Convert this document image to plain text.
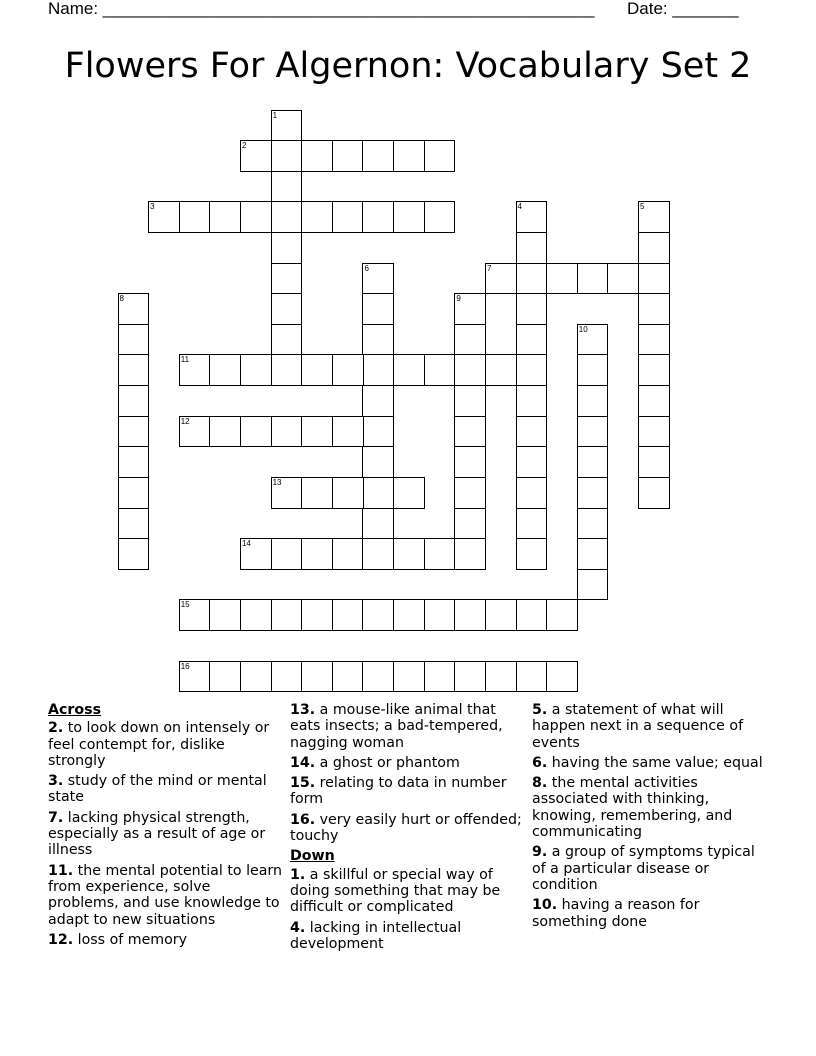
Name: ____________________________________________________ Date: _______
Flowers For Algernon: Vocabulary Set 2
1
2
3	4	5
6	7
8	9
10
11
12
13
14
15
16
Across
2. to look down on intensely or feel contempt for, dislike strongly
3. study of the mind or mental state
7. lacking physical strength, especially as a result of age or illness
11. the mental potential to learn from experience, solve problems, and use knowledge to adapt to new situations
12. loss of memory
13. a mouse-like animal that eats insects; a bad-tempered, nagging woman
14. a ghost or phantom
15. relating to data in number form
16. very easily hurt or offended; touchy
Down
1. a skillful or special way of doing something that may be difficult or complicated
4. lacking in intellectual development
5. a statement of what will happen next in a sequence of events
6. having the same value; equal
8. the mental activities associated with thinking, knowing, remembering, and communicating
9. a group of symptoms typical of a particular disease or condition
10. having a reason for something done
